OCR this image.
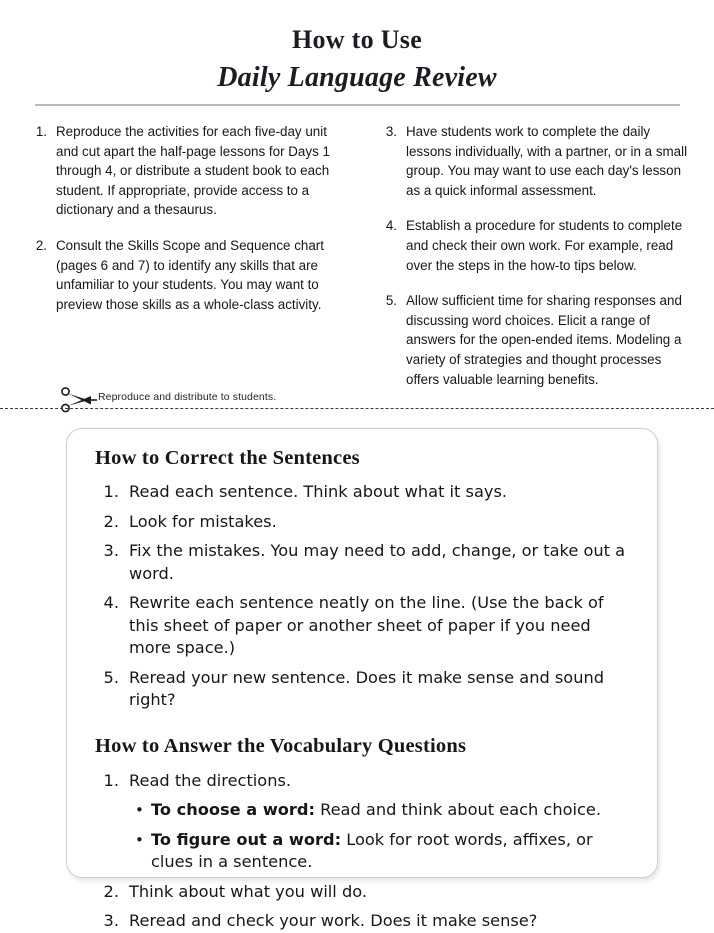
How to Use
Daily Language Review
1. Reproduce the activities for each five-day unit and cut apart the half-page lessons for Days 1 through 4, or distribute a student book to each student. If appropriate, provide access to a dictionary and a thesaurus.
2. Consult the Skills Scope and Sequence chart (pages 6 and 7) to identify any skills that are unfamiliar to your students. You may want to preview those skills as a whole-class activity.
3. Have students work to complete the daily lessons individually, with a partner, or in a small group. You may want to use each day's lesson as a quick informal assessment.
4. Establish a procedure for students to complete and check their own work. For example, read over the steps in the how-to tips below.
5. Allow sufficient time for sharing responses and discussing word choices. Elicit a range of answers for the open-ended items. Modeling a variety of strategies and thought processes offers valuable learning benefits.
Reproduce and distribute to students.
How to Correct the Sentences
1. Read each sentence. Think about what it says.
2. Look for mistakes.
3. Fix the mistakes. You may need to add, change, or take out a word.
4. Rewrite each sentence neatly on the line. (Use the back of this sheet of paper or another sheet of paper if you need more space.)
5. Reread your new sentence. Does it make sense and sound right?
How to Answer the Vocabulary Questions
1. Read the directions.
• To choose a word: Read and think about each choice.
• To figure out a word: Look for root words, affixes, or clues in a sentence.
2. Think about what you will do.
3. Reread and check your work. Does it make sense?
